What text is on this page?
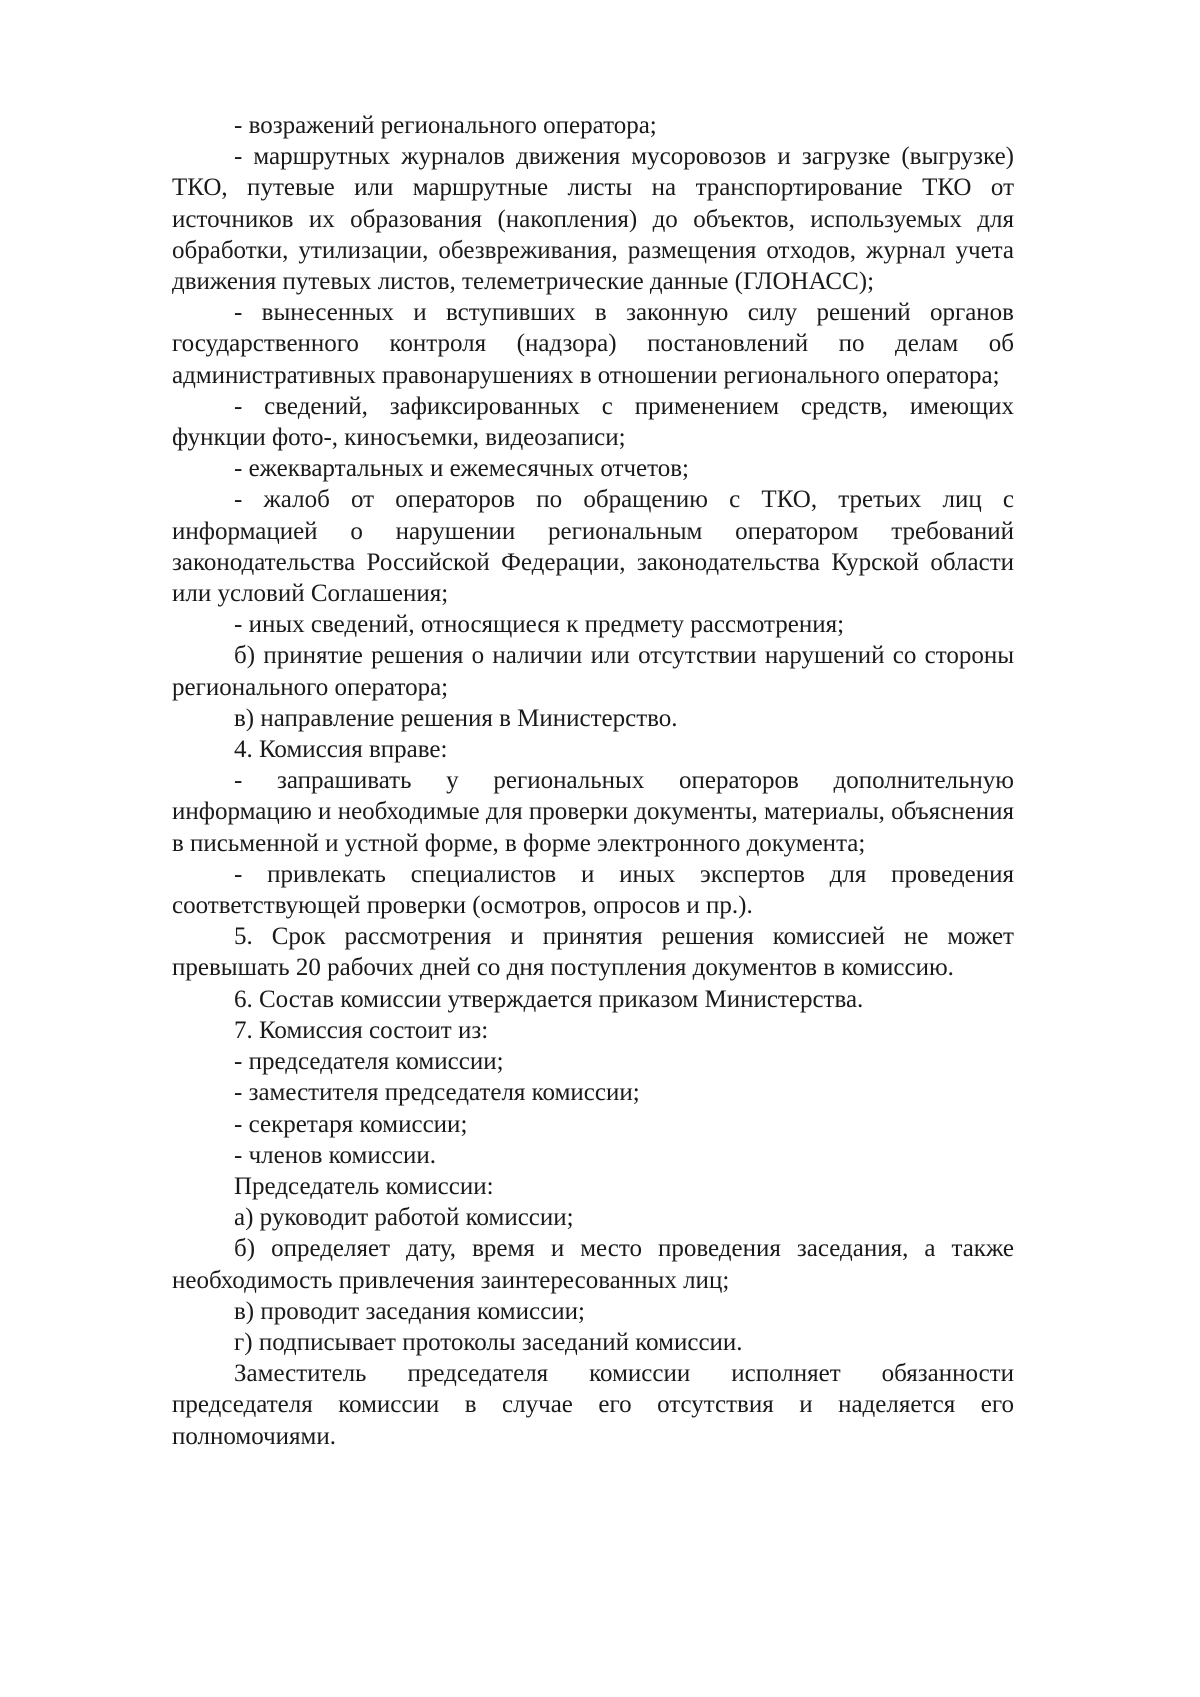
- возражений регионального оператора;

- маршрутных журналов движения мусоровозов и загрузке (выгрузке) ТКО, путевые или маршрутные листы на транспортирование ТКО от источников их образования (накопления) до объектов, используемых для обработки, утилизации, обезвреживания, размещения отходов, журнал учета движения путевых листов, телеметрические данные (ГЛОНАСС);

- вынесенных и вступивших в законную силу решений органов государственного контроля (надзора) постановлений по делам об административных правонарушениях в отношении регионального оператора;

- сведений, зафиксированных с применением средств, имеющих функции фото-, киносъемки, видеозаписи;

- ежеквартальных и ежемесячных отчетов;

- жалоб от операторов по обращению с ТКО, третьих лиц с информацией о нарушении региональным оператором требований законодательства Российской Федерации, законодательства Курской области или условий Соглашения;

- иных сведений, относящиеся к предмету рассмотрения;

б) принятие решения о наличии или отсутствии нарушений со стороны регионального оператора;

в) направление решения в Министерство.

4. Комиссия вправе:

- запрашивать у региональных операторов дополнительную информацию и необходимые для проверки документы, материалы, объяснения в письменной и устной форме, в форме электронного документа;

- привлекать специалистов и иных экспертов для проведения соответствующей проверки (осмотров, опросов и пр.).

5. Срок рассмотрения и принятия решения комиссией не может превышать 20 рабочих дней со дня поступления документов в комиссию.

6. Состав комиссии утверждается приказом Министерства.

7. Комиссия состоит из:

- председателя комиссии;

- заместителя председателя комиссии;

- секретаря комиссии;

- членов комиссии.

Председатель комиссии:

а) руководит работой комиссии;

б) определяет дату, время и место проведения заседания, а также необходимость привлечения заинтересованных лиц;

в) проводит заседания комиссии;

г) подписывает протоколы заседаний комиссии.

Заместитель председателя комиссии исполняет обязанности председателя комиссии в случае его отсутствия и наделяется его полномочиями.
